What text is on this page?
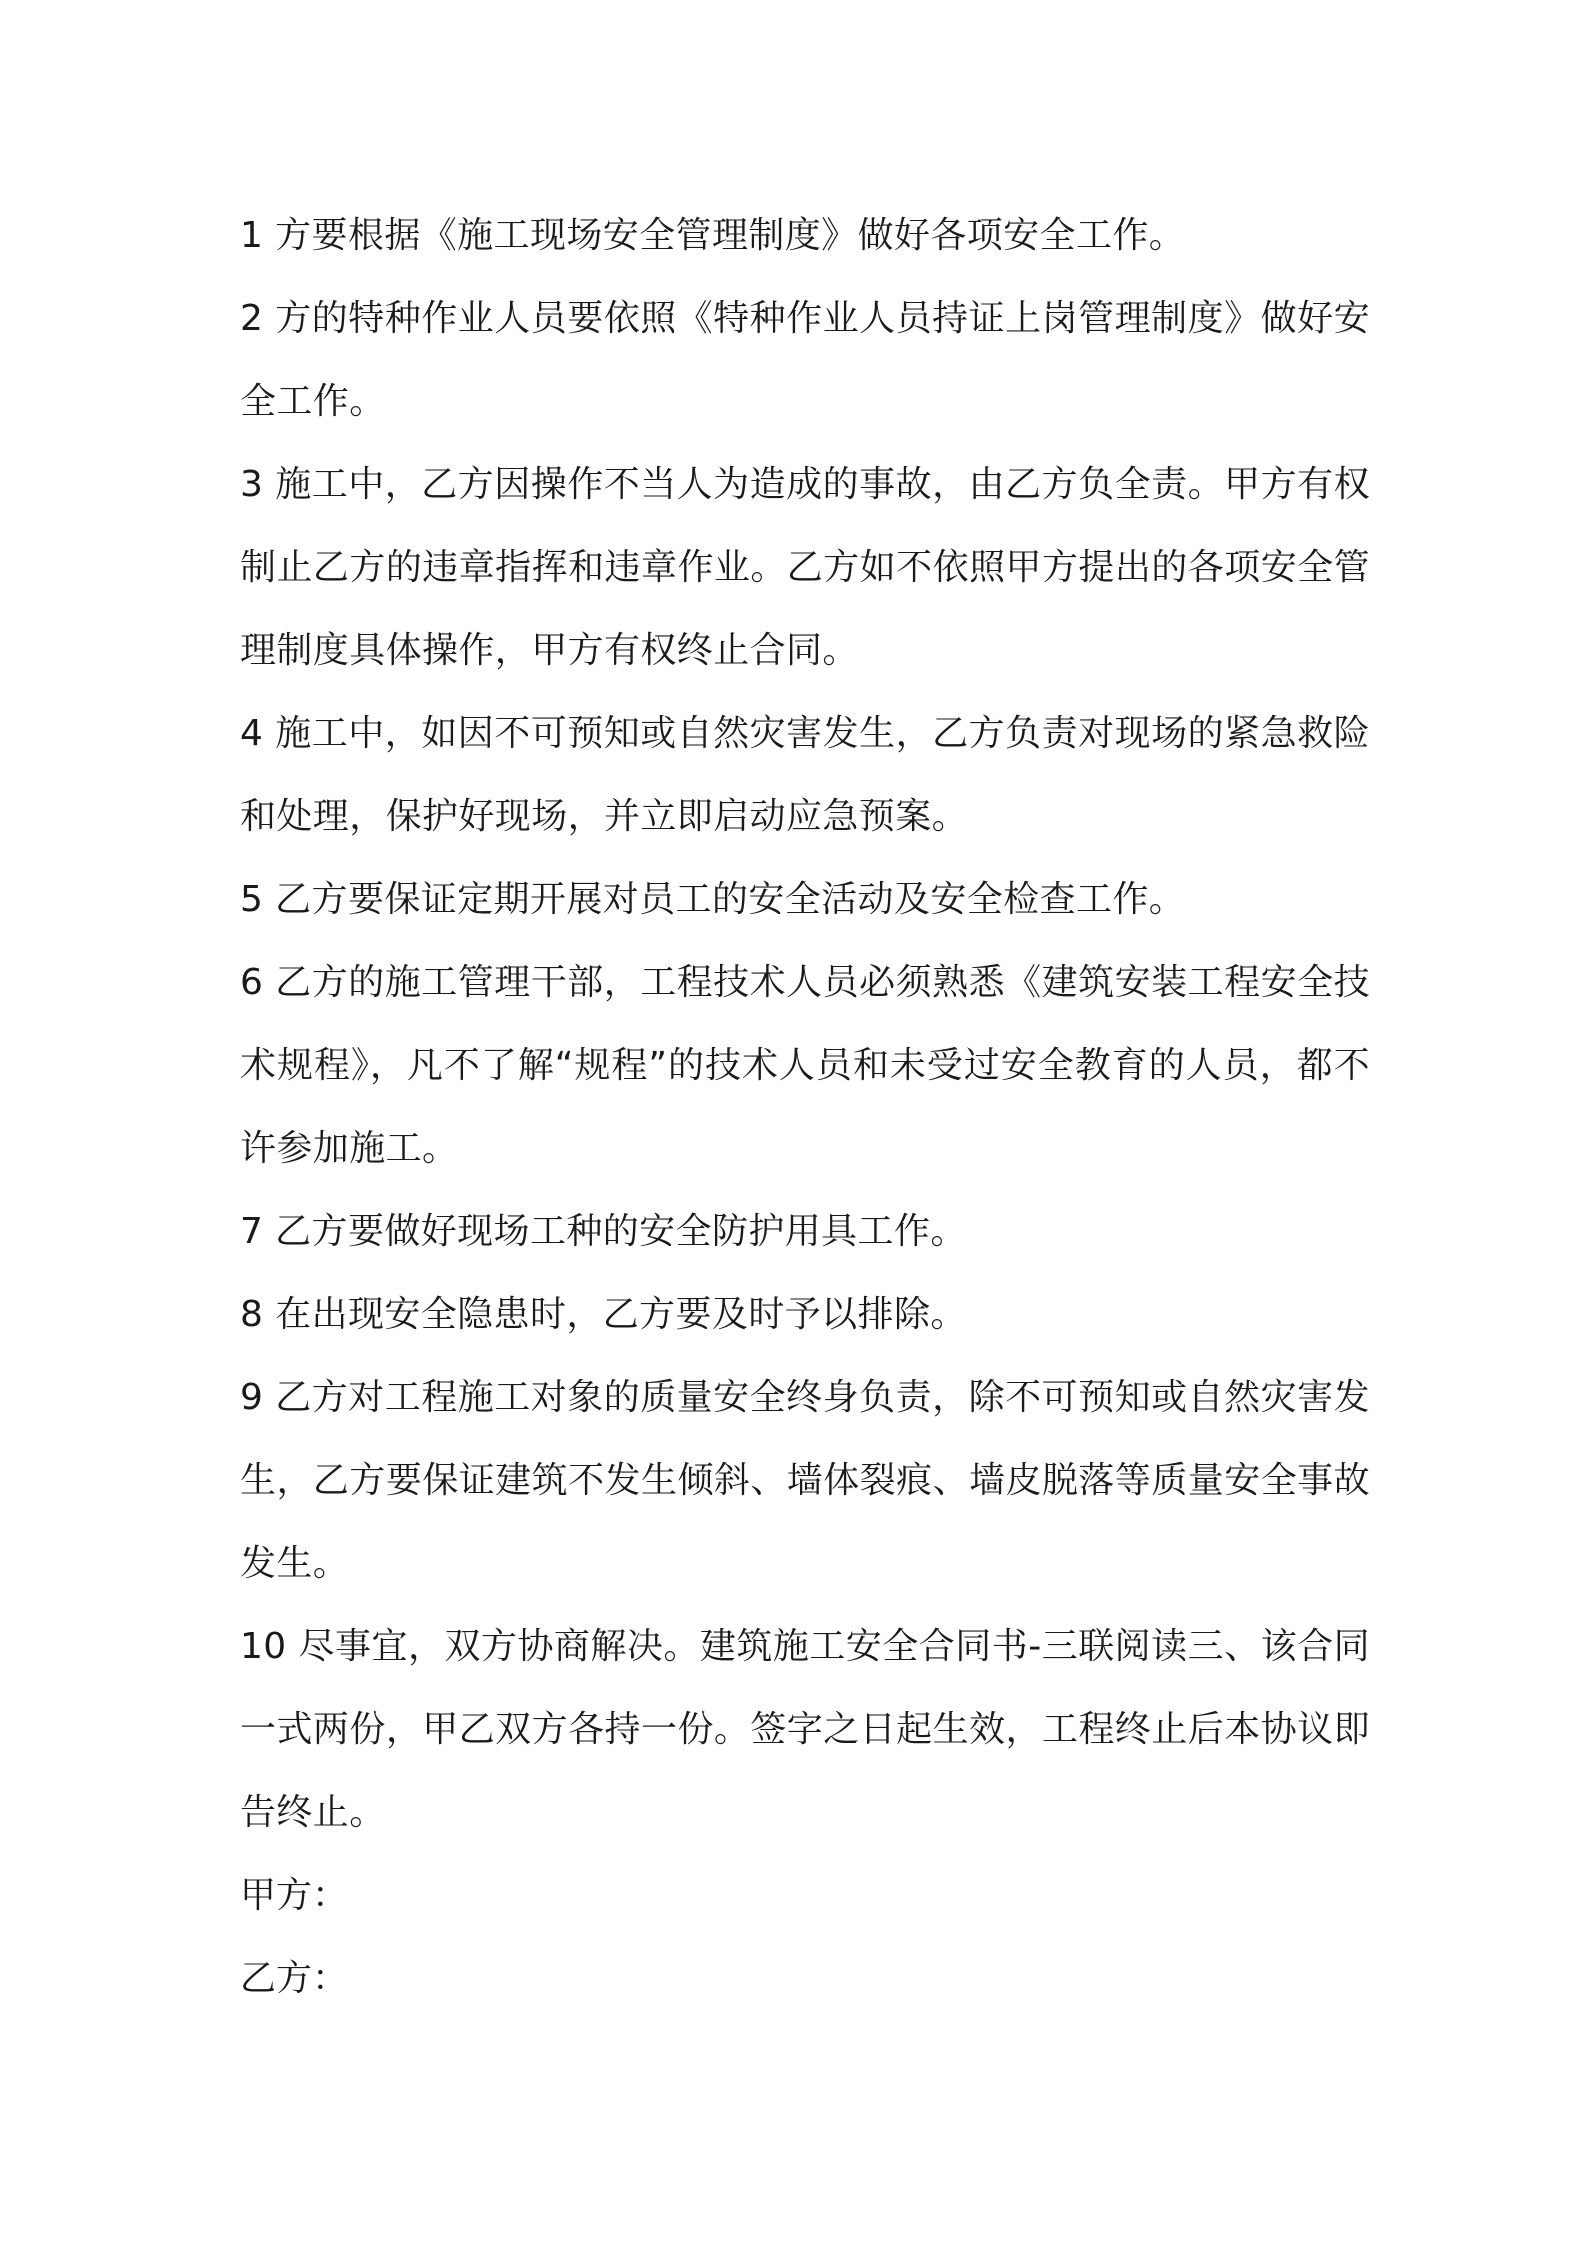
1 方要根据《施工现场安全管理制度》做好各项安全工作。

2 方的特种作业人员要依照《特种作业人员持证上岗管理制度》做好安全工作。

3 施工中，乙方因操作不当人为造成的事故，由乙方负全责。甲方有权制止乙方的违章指挥和违章作业。乙方如不依照甲方提出的各项安全管理制度具体操作，甲方有权终止合同。

4 施工中，如因不可预知或自然灾害发生，乙方负责对现场的紧急救险和处理，保护好现场，并立即启动应急预案。

5 乙方要保证定期开展对员工的安全活动及安全检查工作。

6 乙方的施工管理干部，工程技术人员必须熟悉《建筑安装工程安全技术规程》，凡不了解“规程”的技术人员和未受过安全教育的人员，都不许参加施工。

7 乙方要做好现场工种的安全防护用具工作。

8 在出现安全隐患时，乙方要及时予以排除。

9 乙方对工程施工对象的质量安全终身负责，除不可预知或自然灾害发生，乙方要保证建筑不发生倾斜、墙体裂痕、墙皮脱落等质量安全事故发生。

10 尽事宜，双方协商解决。建筑施工安全合同书-三联阅读三、该合同一式两份，甲乙双方各持一份。签字之日起生效，工程终止后本协议即告终止。

甲方：

乙方：
